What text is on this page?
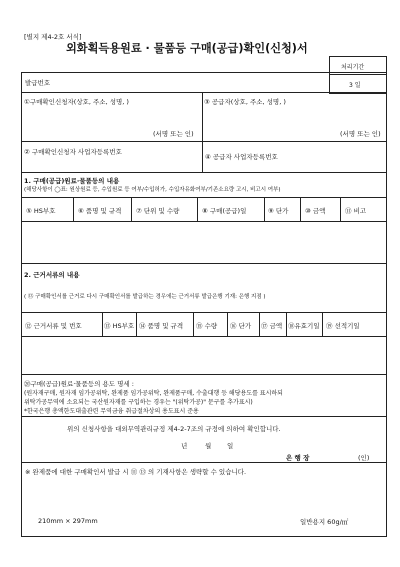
[별지 제4-2호 서식]
외화획득용원료 · 물품등 구매(공급)확인(신청)서
처리기간
3 일
발급번호
①구매확인신청자(상호, 주소, 성명, )	③ 공급자(상호, 주소, 성명, )
(서명 또는 인)	(서명 또는 인)
② 구매확인신청자 사업자등록번호
④ 공급자 사업자등록번호
1. 구매(공급)원료·물품등의 내용
(해당사항이 ◯표: 원상원료 등, 수입원료 등 여부/수입허가, 수입자유화여부/기존소요량 고시, 비고시 여부)
⑤ HS부호	⑥ 품명 및 규격 ⑦ 단위 및 수량	⑧ 구매(공급)일	⑨ 단가	⑩ 금액	⑪ 비고
2. 근거서류의 내용
( ⑬ 구매확인서를 근거로 다시 구매확인서를 발급하는 경우에는 근거서류 발급은행 기재: 은행 지점 )
⑫ 근거서류 및 번호	⑬ HS부호 ⑭ 품명 및 규격 ⑮ 수량 ⑯ 단가 ⑰ 금액 ⑱유효기일 ⑲ 선적기일
⑳구매(공급)원료·물품등의 용도 명세 :
(원자재구매, 원자재 임가공위탁, 완제품 임가공위탁, 완제품구매, 수출대행 등 해당용도를 표시하되
위탁가공무역에 소요되는 국산원자재를 구입하는 경우는 "(위탁가공)" 문구를 추가표시)
*한국은행 총액한도대출관련 무역금융 취급절차상의 용도표시 준용
위의 신청사항을 대외무역관리규정 제4-2-7조의 규정에 의하여 확인합니다.
년	월 일
은 행 장	(인)
※ 완제품에 대한 구매확인서 발급 시 ⑪ ⑬ 의 기재사항은 생략할 수 있습니다.
210mm × 297mm	일반용지 60g/㎡
